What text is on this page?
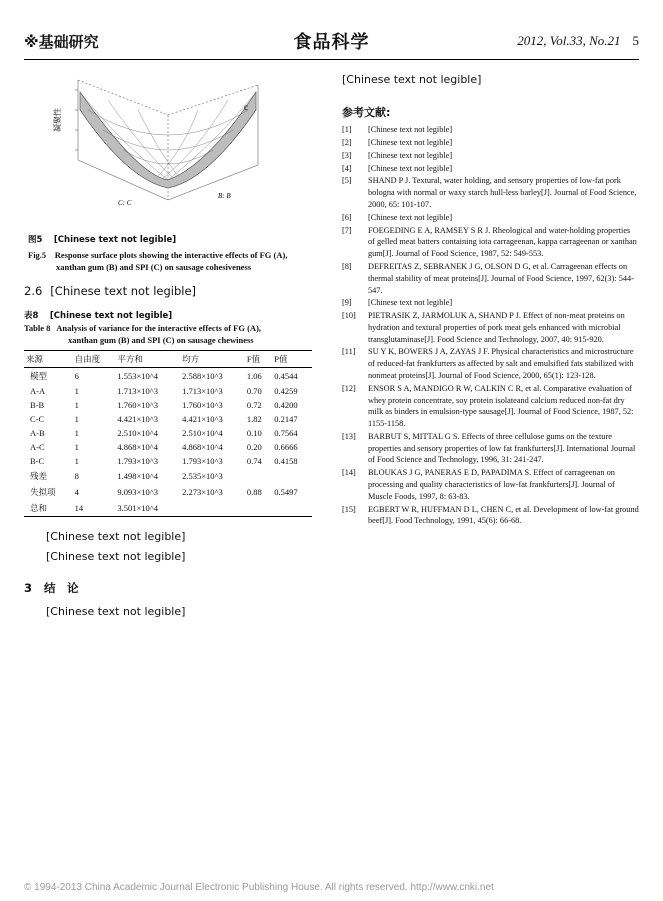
※基础研究	食品科学	2012, Vol.33, No.21 5
凝聚性
C: C
B: B
c
图5　 [Chinese text not legible]
Fig.5 Response surface plots showing the interactive effects of FG (A),
xanthan gum (B) and SPI (C) on sausage cohesiveness
2.6 [Chinese text not legible]
表8　 [Chinese text not legible]
Table 8 Analysis of variance for the interactive effects of FG (A),
xanthan gum (B) and SPI (C) on sausage chewiness
来源	自由度	平方和	均方	F值	P值
模型	6	1.553×10^4	2.588×10^3	1.06	0.4544
A-A	1	1.713×10^3	1.713×10^3	0.70	0.4259
B-B	1	1.760×10^3	1.760×10^3	0.72	0.4200
C-C	1	4.421×10^3	4.421×10^3	1.82	0.2147
A-B	1	2.510×10^4	2.510×10^4	0.10	0.7564
A-C	1	4.868×10^4	4.868×10^4	0.20	0.6666
B-C	1	1.793×10^3	1.793×10^3	0.74	0.4158
残差	8	1.498×10^4	2.535×10^3		
失拟项	4	9.093×10^3	2.273×10^3	0.88	0.5497
总和	14	3.501×10^4			

[Chinese text not legible]

[Chinese text not legible]

3 结　论

[Chinese text not legible]

[Chinese text not legible]

参考文献:
[1] [Chinese text not legible]
[2] [Chinese text not legible]
[3] [Chinese text not legible]
[4] [Chinese text not legible]
[5] SHAND P J. Textural, water holding, and sensory properties of low-fat pork bologna with normal or waxy starch hull-less barley[J]. Journal of Food Science, 2000, 65: 101-107.
[6] [Chinese text not legible]
[7] FOEGEDING E A, RAMSEY S R J. Rheological and water-holding properties of gelled meat batters containing iota carrageenan, kappa carrageenan or xanthan gum[J]. Journal of Food Science, 1987, 52: 549-553.
[8] DEFREITAS Z, SEBRANEK J G, OLSON D G, et al. Carrageenan effects on thermal stability of meat proteins[J]. Journal of Food Science, 1997, 62(3): 544-547.
[9] [Chinese text not legible]
[10] PIETRASIK Z, JARMOLUK A, SHAND P J. Effect of non-meat proteins on hydration and textural properties of pork meat gels enhanced with microbial transglutaminase[J]. Food Science and Technology, 2007, 40: 915-920.
[11] SU Y K, BOWERS J A, ZAYAS J F. Physical characteristics and microstructure of reduced-fat frankfurters as affected by salt and emulsified fats stabilized with nonmeat proteins[J]. Journal of Food Science, 2000, 65(1): 123-128.
[12] ENSOR S A, MANDIGO R W, CALKIN C R, et al. Comparative evaluation of whey protein concentrate, soy protein isolateand calcium reduced non-fat dry milk as binders in emulsion-type sausage[J]. Journal of Food Science, 1987, 52: 1155-1158.
[13] BARBUT S, MITTAL G S. Effects of three cellulose gums on the texture properties and sensory properties of low fat frankfurters[J]. International Journal of Food Science and Technology, 1996, 31: 241-247.
[14] BLOUKAS J G, PANERAS E D, PAPADIMA S. Effect of carrageenan on processing and quality characteristics of low-fat frankfurters[J]. Journal of Muscle Foods, 1997, 8: 63-83.
[15] EGBERT W R, HUFFMAN D L, CHEN C, et al. Development of low-fat ground beef[J]. Food Technology, 1991, 45(6): 66-68.
© 1994-2013 China Academic Journal Electronic Publishing House. All rights reserved. http://www.cnki.net
